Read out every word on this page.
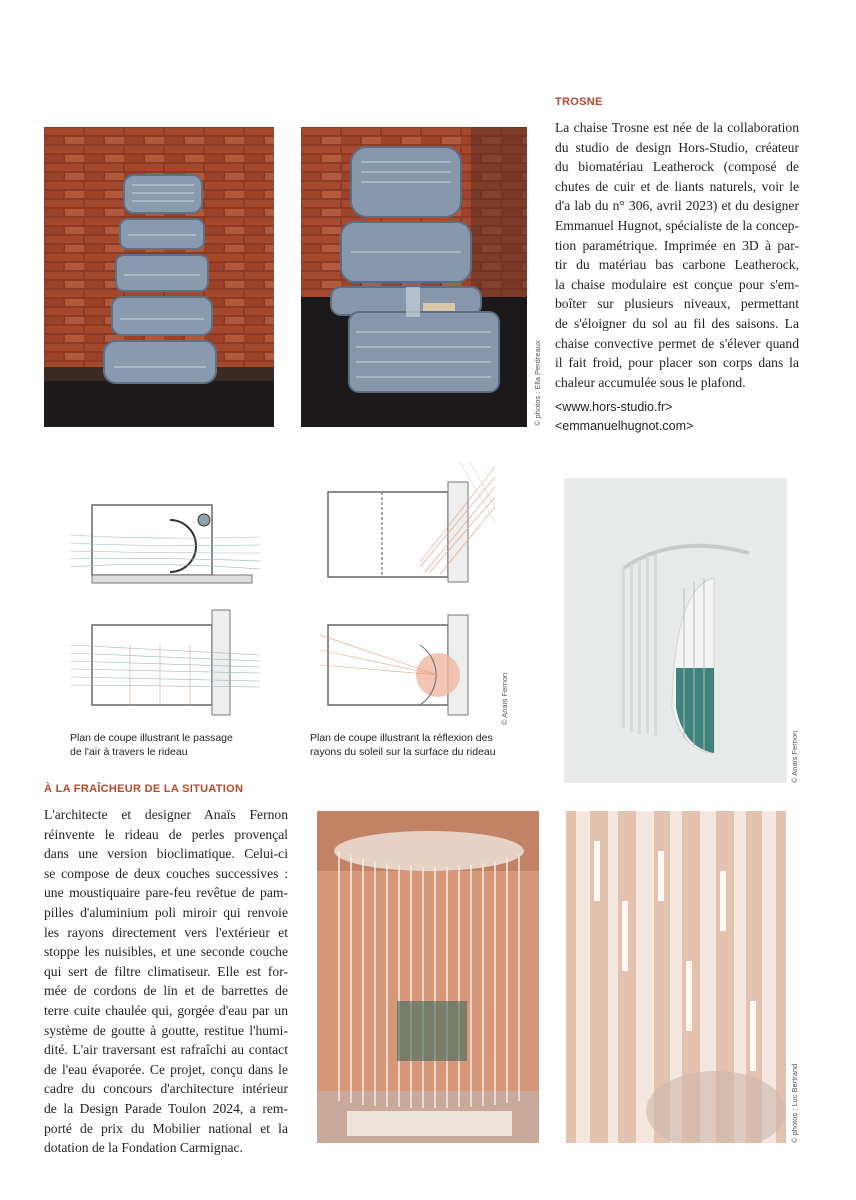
© photos : Ella Perdreaux
TROSNE
La chaise Trosne est née de la collaboration
du studio de design Hors-Studio, créateur
du biomatériau Leatherock (composé de
chutes de cuir et de liants naturels, voir le
d'a lab du n° 306, avril 2023) et du designer
Emmanuel Hugnot, spécialiste de la concep-
tion paramétrique. Imprimée en 3D à par-
tir du matériau bas carbone Leatherock,
la chaise modulaire est conçue pour s'em-
boîter sur plusieurs niveaux, permettant
de s'éloigner du sol au fil des saisons. La
chaise convective permet de s'élever quand
il fait froid, pour placer son corps dans la
chaleur accumulée sous le plafond.
<www.hors-studio.fr>
<emmanuelhugnot.com>
Plan de coupe illustrant le passage
de l'air à travers le rideau
Plan de coupe illustrant la réflexion des
rayons du soleil sur la surface du rideau
© Anaïs Fernon
© Anaïs Fernon
À LA FRAÎCHEUR DE LA SITUATION
L'architecte et designer Anaïs Fernon
réinvente le rideau de perles provençal
dans une version bioclimatique. Celui-ci
se compose de deux couches successives :
une moustiquaire pare-feu revêtue de pam-
pilles d'aluminium poli miroir qui renvoie
les rayons directement vers l'extérieur et
stoppe les nuisibles, et une seconde couche
qui sert de filtre climatiseur. Elle est for-
mée de cordons de lin et de barrettes de
terre cuite chaulée qui, gorgée d'eau par un
système de goutte à goutte, restitue l'humi-
dité. L'air traversant est rafraîchi au contact
de l'eau évaporée. Ce projet, conçu dans le
cadre du concours d'architecture intérieur
de la Design Parade Toulon 2024, a rem-
porté de prix du Mobilier national et la
dotation de la Fondation Carmignac.
© photos : Luc Bertrand
